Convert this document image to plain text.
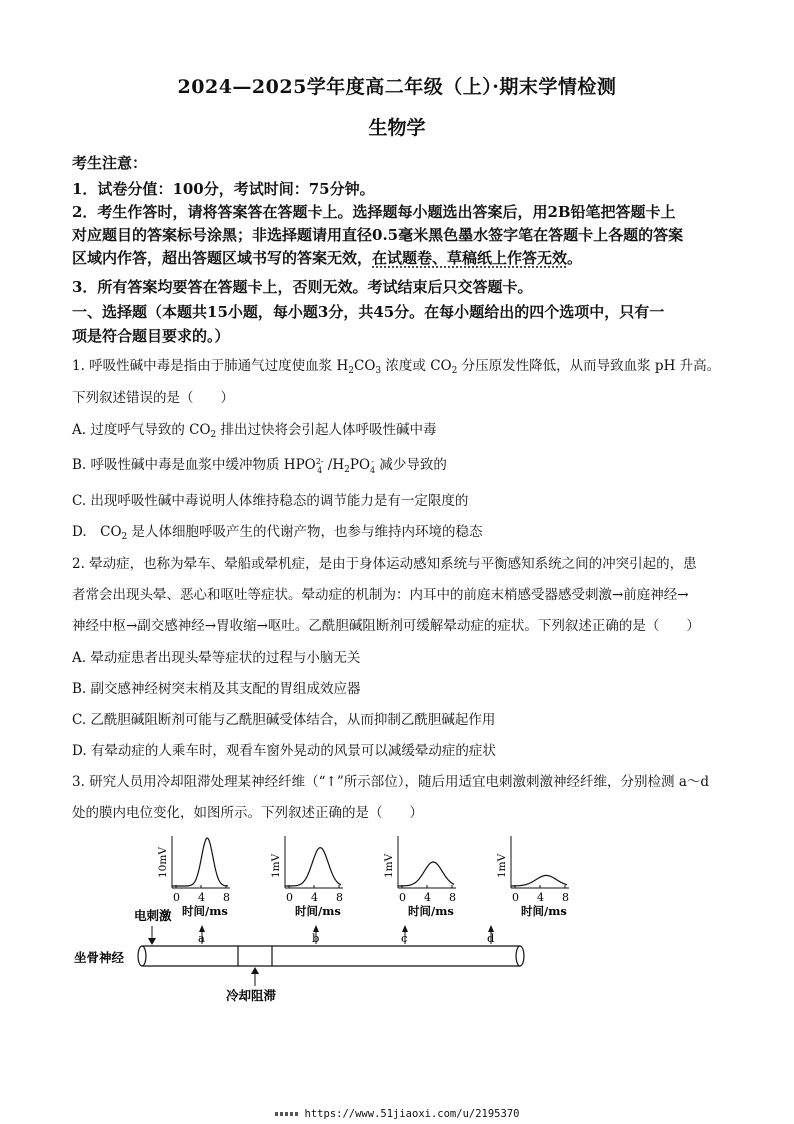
2024—2025学年度高二年级（上）·期末学情检测
生物学
考生注意：
1．试卷分值：100分，考试时间：75分钟。
2．考生作答时，请将答案答在答题卡上。选择题每小题选出答案后，用2B铅笔把答题卡上
对应题目的答案标号涂黑；非选择题请用直径0.5毫米黑色墨水签字笔在答题卡上各题的答案
区域内作答，超出答题区域书写的答案无效，在试题卷、草稿纸上作答无效。
3．所有答案均要答在答题卡上，否则无效。考试结束后只交答题卡。
一、选择题（本题共15小题，每小题3分，共45分。在每小题给出的四个选项中，只有一
项是符合题目要求的。）
1. 呼吸性碱中毒是指由于肺通气过度使血浆 $H_2CO_3$ 浓度或 $CO_2$ 分压原发性降低，从而导致血浆 pH 升高。
下列叙述错误的是（　　）
A. 过度呼气导致的 $CO_2$ 排出过快将会引起人体呼吸性碱中毒
B. 呼吸性碱中毒是血浆中缓冲物质 HPO 2-
4 $/H_2PO$ -
4 减少导致的
C. 出现呼吸性碱中毒说明人体维持稳态的调节能力是有一定限度的
D.　$CO_2$ 是人体细胞呼吸产生的代谢产物，也参与维持内环境的稳态
2. 晕动症，也称为晕车、晕船或晕机症，是由于身体运动感知系统与平衡感知系统之间的冲突引起的，患
者常会出现头晕、恶心和呕吐等症状。晕动症的机制为：内耳中的前庭末梢感受器感受刺激→前庭神经→
神经中枢→副交感神经→胃收缩→呕吐。乙酰胆碱阻断剂可缓解晕动症的症状。下列叙述正确的是（　　）
A. 晕动症患者出现头晕等症状的过程与小脑无关
B. 副交感神经树突末梢及其支配的胃组成效应器
C. 乙酰胆碱阻断剂可能与乙酰胆碱受体结合，从而抑制乙酰胆碱起作用
D. 有晕动症的人乘车时，观看车窗外晃动的风景可以减缓晕动症的症状
3. 研究人员用冷却阻滞处理某神经纤维（“↑”所示部位），随后用适宜电刺激刺激神经纤维，分别检测 a～d
处的膜内电位变化，如图所示。下列叙述正确的是（　　）
0 4 8
10mV
时间/ms
a
0 4 8
1mV
时间/ms
b
0 4 8
1mV
时间/ms
c
0 4 8
1mV
时间/ms
d
电刺激
坐骨神经
冷却阻滞
https://www.51jiaoxi.com/u/2195370
